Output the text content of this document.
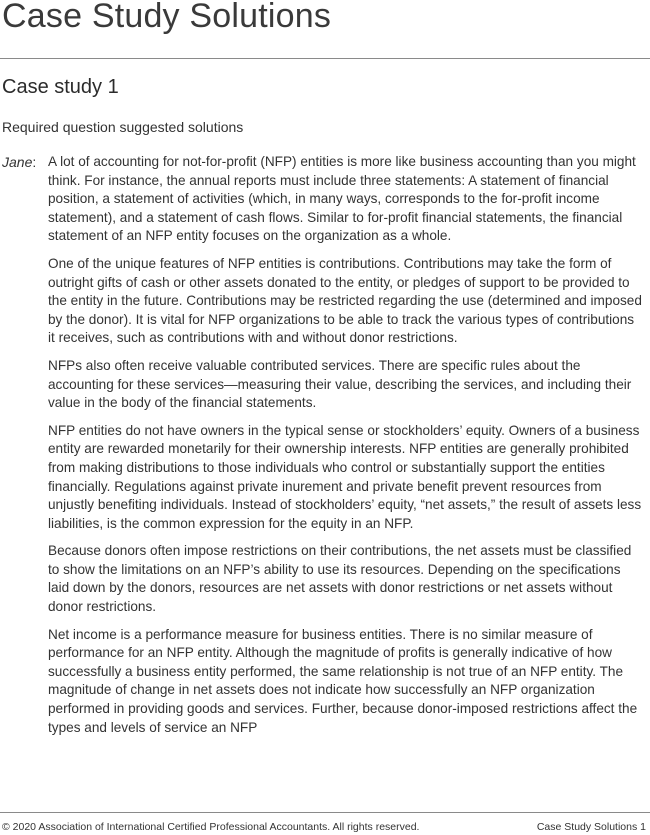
Case Study Solutions
Case study 1
Required question suggested solutions
Jane: A lot of accounting for not-for-profit (NFP) entities is more like business accounting than you might think. For instance, the annual reports must include three statements: A statement of financial position, a statement of activities (which, in many ways, corresponds to the for-profit income statement), and a statement of cash flows. Similar to for-profit financial statements, the financial statement of an NFP entity focuses on the organization as a whole.

One of the unique features of NFP entities is contributions. Contributions may take the form of outright gifts of cash or other assets donated to the entity, or pledges of support to be provided to the entity in the future. Contributions may be restricted regarding the use (determined and imposed by the donor). It is vital for NFP organizations to be able to track the various types of contributions it receives, such as contributions with and without donor restrictions.

NFPs also often receive valuable contributed services. There are specific rules about the accounting for these services—measuring their value, describing the services, and including their value in the body of the financial statements.

NFP entities do not have owners in the typical sense or stockholders’ equity. Owners of a business entity are rewarded monetarily for their ownership interests. NFP entities are generally prohibited from making distributions to those individuals who control or substantially support the entities financially. Regulations against private inurement and private benefit prevent resources from unjustly benefiting individuals. Instead of stockholders’ equity, “net assets,” the result of assets less liabilities, is the common expression for the equity in an NFP.

Because donors often impose restrictions on their contributions, the net assets must be classified to show the limitations on an NFP’s ability to use its resources. Depending on the specifications laid down by the donors, resources are net assets with donor restrictions or net assets without donor restrictions.

Net income is a performance measure for business entities. There is no similar measure of performance for an NFP entity. Although the magnitude of profits is generally indicative of how successfully a business entity performed, the same relationship is not true of an NFP entity. The magnitude of change in net assets does not indicate how successfully an NFP organization performed in providing goods and services. Further, because donor-imposed restrictions affect the types and levels of service an NFP

© 2020 Association of International Certified Professional Accountants. All rights reserved.	Case Study Solutions 1
